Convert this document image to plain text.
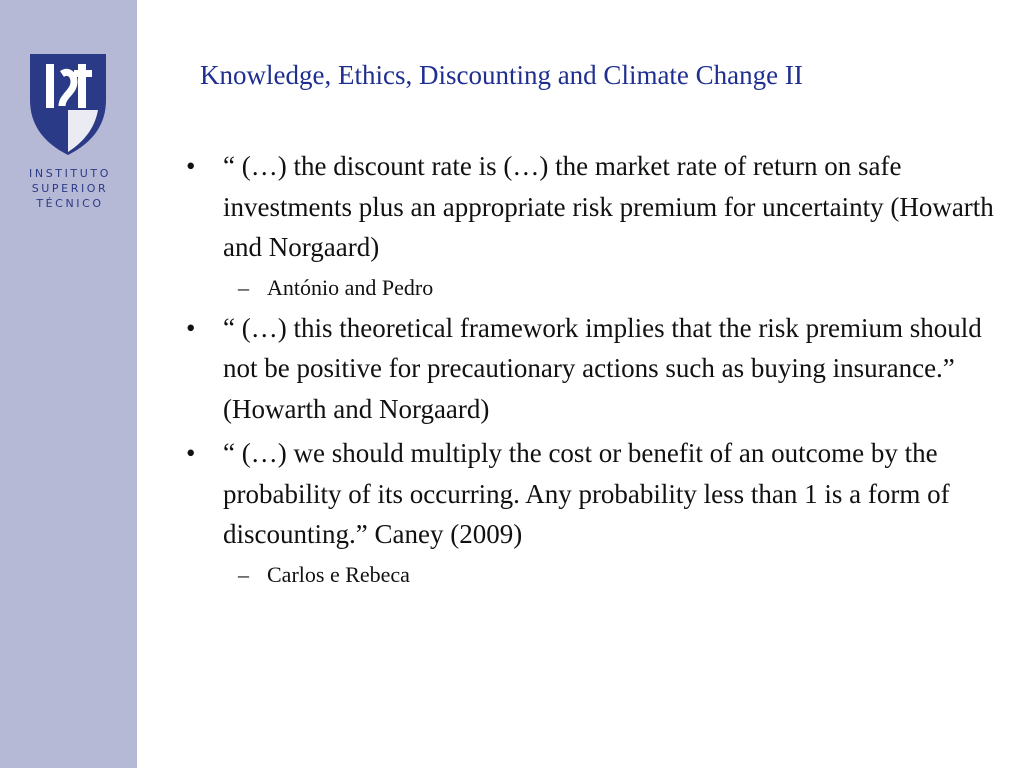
INSTITUTO
SUPERIOR
TÉCNICO
Knowledge, Ethics, Discounting and Climate Change II
• “ (…) the discount rate is (…) the market rate of return on safe investments plus an appropriate risk premium for uncertainty (Howarth and Norgaard)
– António and Pedro
• “ (…) this theoretical framework implies that the risk premium should not be positive for precautionary actions such as buying insurance.” (Howarth and Norgaard)
• “ (…) we should multiply the cost or benefit of an outcome by the probability of its occurring. Any probability less than 1 is a form of discounting.” Caney (2009)
– Carlos e Rebeca
